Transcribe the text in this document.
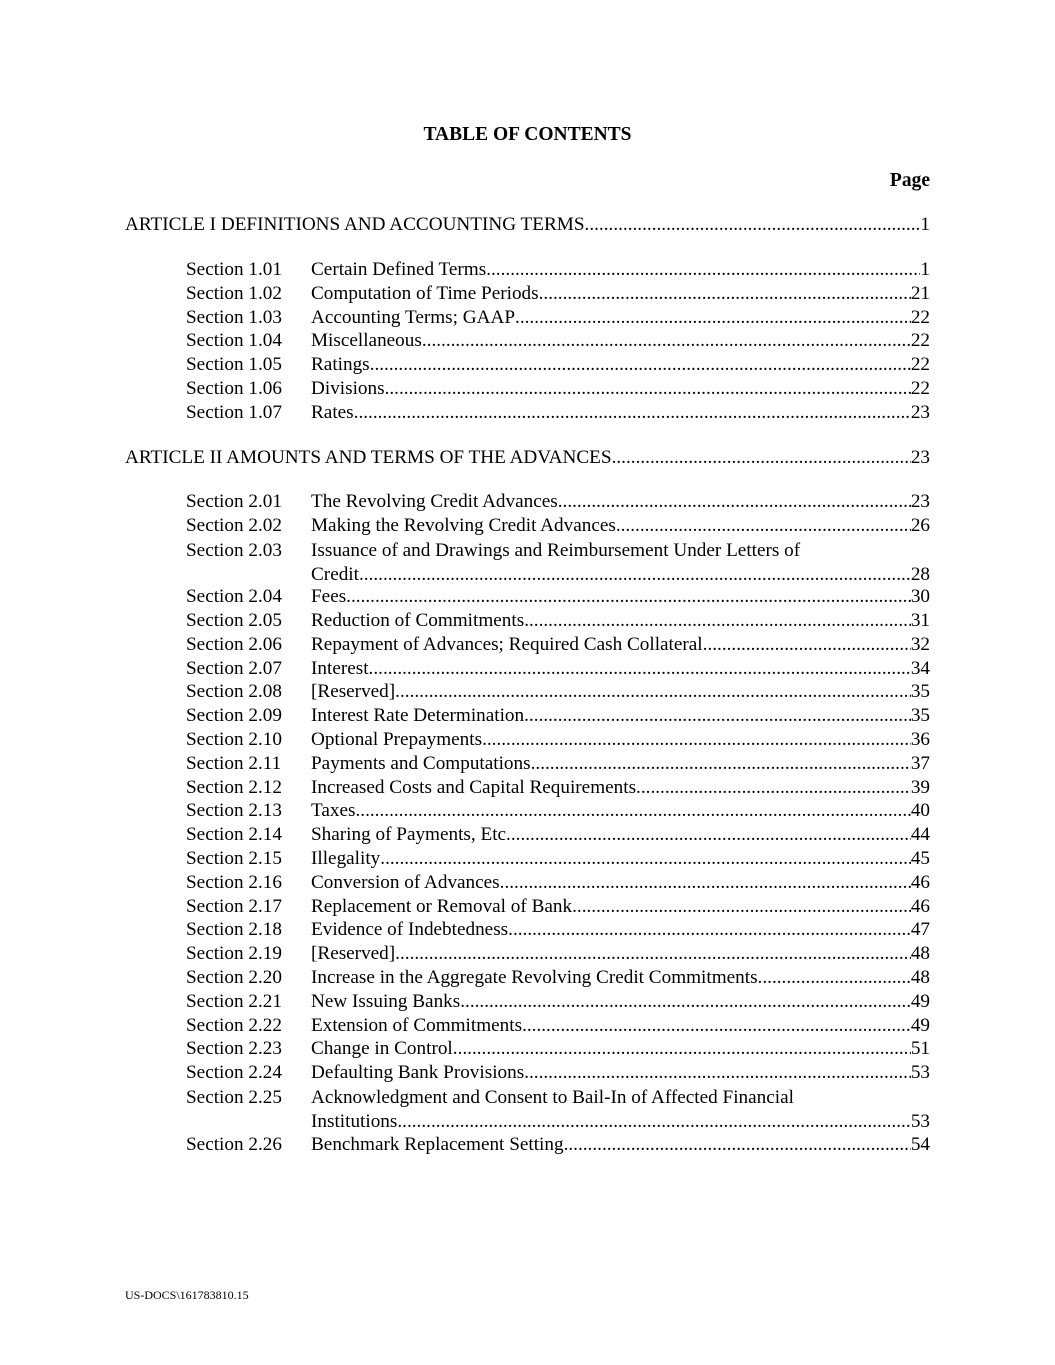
TABLE OF CONTENTS
Page
ARTICLE I DEFINITIONS AND ACCOUNTING TERMS .....	1
Section 1.01	Certain Defined Terms .....	1
Section 1.02	Computation of Time Periods .....	21
Section 1.03	Accounting Terms; GAAP .....	22
Section 1.04	Miscellaneous .....	22
Section 1.05	Ratings .....	22
Section 1.06	Divisions .....	22
Section 1.07	Rates .....	23
ARTICLE II AMOUNTS AND TERMS OF THE ADVANCES .....	23
Section 2.01	The Revolving Credit Advances .....	23
Section 2.02	Making the Revolving Credit Advances .....	26
Section 2.03	Issuance of and Drawings and Reimbursement Under Letters of
Credit .....	28
Section 2.04	Fees .....	30
Section 2.05	Reduction of Commitments .....	31
Section 2.06	Repayment of Advances; Required Cash Collateral .....	32
Section 2.07	Interest .....	34
Section 2.08	[Reserved] .....	35
Section 2.09	Interest Rate Determination .....	35
Section 2.10	Optional Prepayments .....	36
Section 2.11	Payments and Computations .....	37
Section 2.12	Increased Costs and Capital Requirements .....	39
Section 2.13	Taxes .....	40
Section 2.14	Sharing of Payments, Etc .....	44
Section 2.15	Illegality .....	45
Section 2.16	Conversion of Advances .....	46
Section 2.17	Replacement or Removal of Bank .....	46
Section 2.18	Evidence of Indebtedness .....	47
Section 2.19	[Reserved] .....	48
Section 2.20	Increase in the Aggregate Revolving Credit Commitments .....	48
Section 2.21	New Issuing Banks .....	49
Section 2.22	Extension of Commitments .....	49
Section 2.23	Change in Control .....	51
Section 2.24	Defaulting Bank Provisions .....	53
Section 2.25	Acknowledgment and Consent to Bail-In of Affected Financial
Institutions .....	53
Section 2.26	Benchmark Replacement Setting .....	54
US-DOCS\161783810.15
